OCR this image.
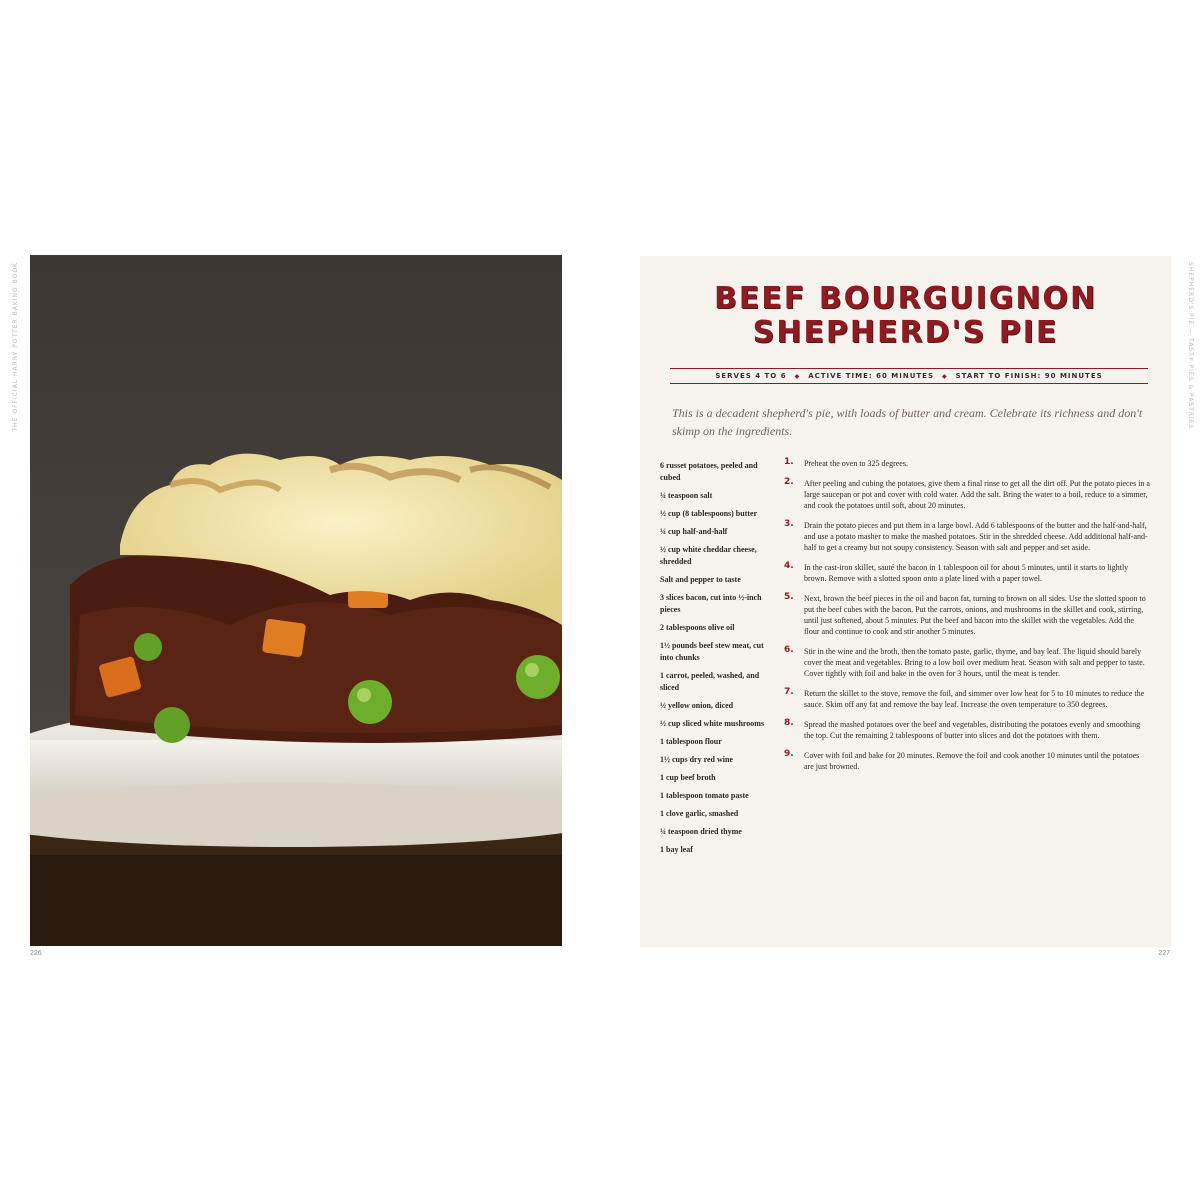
THE OFFICIAL HARRY POTTER BAKING BOOK
226
BEEF BOURGUIGNON
SHEPHERD'S PIE
SERVES 4 TO 6 ◆ ACTIVE TIME: 60 MINUTES ◆ START TO FINISH: 90 MINUTES
This is a decadent shepherd's pie, with loads of butter and cream. Celebrate its richness and don't skimp on the ingredients.
6 russet potatoes, peeled and cubed
¼ teaspoon salt
½ cup (8 tablespoons) butter
¼ cup half-and-half
½ cup white cheddar cheese, shredded
Salt and pepper to taste
3 slices bacon, cut into ½-inch pieces
2 tablespoons olive oil
1½ pounds beef stew meat, cut into chunks
1 carrot, peeled, washed, and sliced
½ yellow onion, diced
½ cup sliced white mushrooms
1 tablespoon flour
1½ cups dry red wine
1 cup beef broth
1 tablespoon tomato paste
1 clove garlic, smashed
¼ teaspoon dried thyme
1 bay leaf
1. Preheat the oven to 325 degrees.
2. After peeling and cubing the potatoes, give them a final rinse to get all the dirt off. Put the potato pieces in a large saucepan or pot and cover with cold water. Add the salt. Bring the water to a boil, reduce to a simmer, and cook the potatoes until soft, about 20 minutes.
3. Drain the potato pieces and put them in a large bowl. Add 6 tablespoons of the butter and the half-and-half, and use a potato masher to make the mashed potatoes. Stir in the shredded cheese. Add additional half-and-half to get a creamy but not soupy consistency. Season with salt and pepper and set aside.
4. In the cast-iron skillet, sauté the bacon in 1 tablespoon oil for about 5 minutes, until it starts to lightly brown. Remove with a slotted spoon onto a plate lined with a paper towel.
5. Next, brown the beef pieces in the oil and bacon fat, turning to brown on all sides. Use the slotted spoon to put the beef cubes with the bacon. Put the carrots, onions, and mushrooms in the skillet and cook, stirring, until just softened, about 5 minutes. Put the beef and bacon into the skillet with the vegetables. Add the flour and continue to cook and stir another 5 minutes.
6. Stir in the wine and the broth, then the tomato paste, garlic, thyme, and bay leaf. The liquid should barely cover the meat and vegetables. Bring to a low boil over medium heat. Season with salt and pepper to taste. Cover tightly with foil and bake in the oven for 3 hours, until the meat is tender.
7. Return the skillet to the stove, remove the foil, and simmer over low heat for 5 to 10 minutes to reduce the sauce. Skim off any fat and remove the bay leaf. Increase the oven temperature to 350 degrees.
8. Spread the mashed potatoes over the beef and vegetables, distributing the potatoes evenly and smoothing the top. Cut the remaining 2 tablespoons of butter into slices and dot the potatoes with them.
9. Cover with foil and bake for 20 minutes. Remove the foil and cook another 10 minutes until the potatoes are just browned.
SHEPHERD'S PIE — TASTY PIES & PASTRIES
227
